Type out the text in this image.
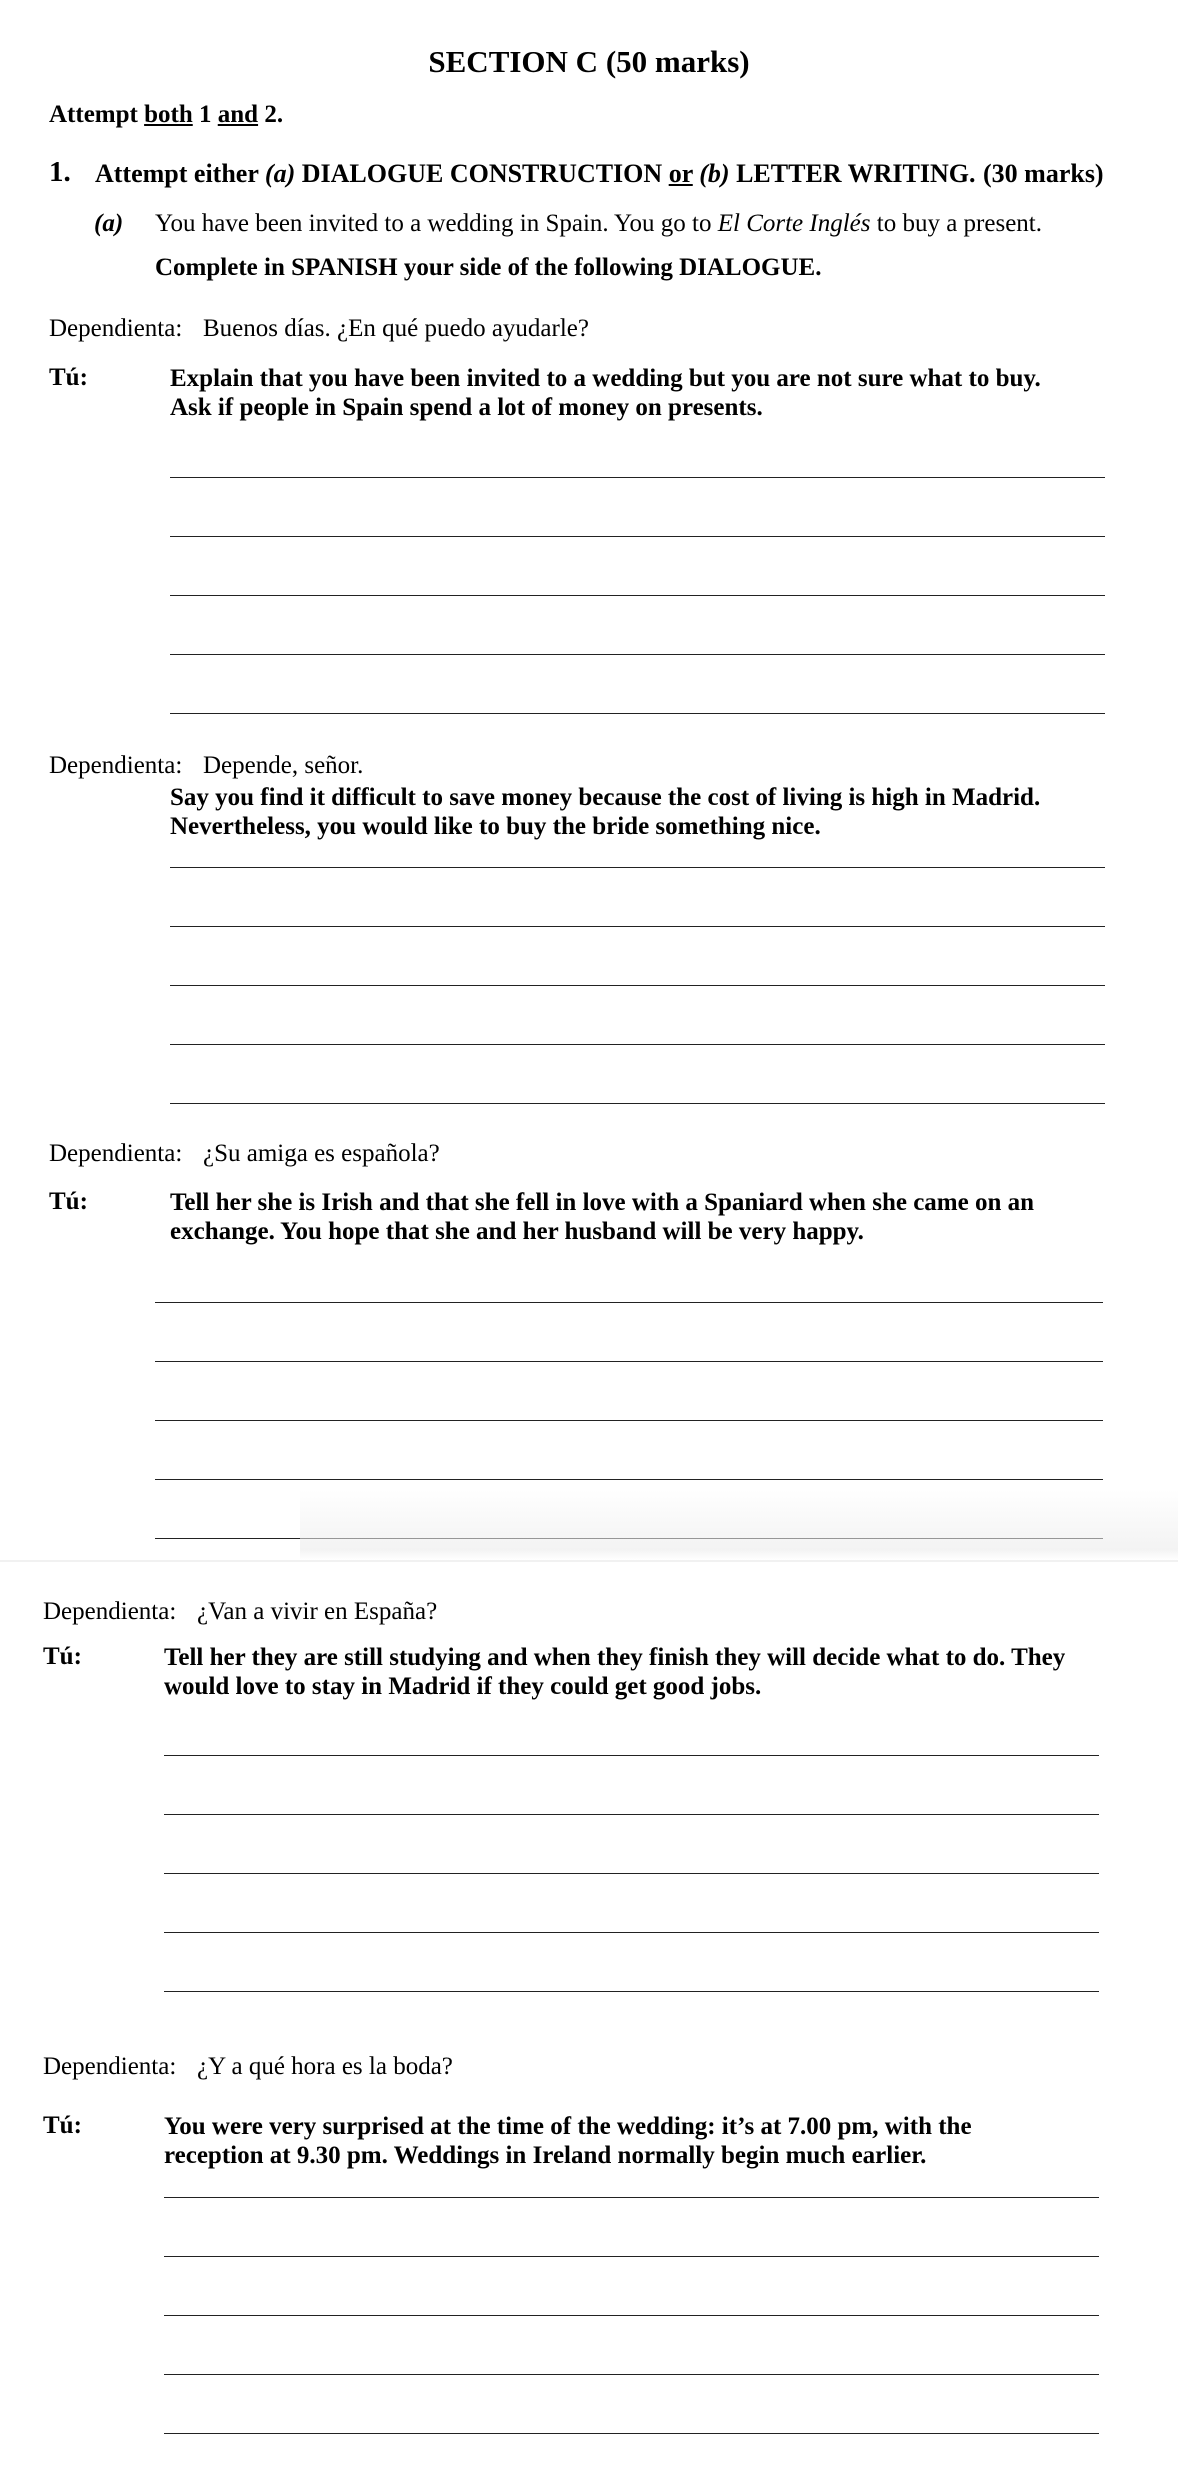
SECTION C (50 marks)
Attempt both 1 and 2.
1. Attempt either (a) DIALOGUE CONSTRUCTION or (b) LETTER WRITING. (30 marks)
(a) You have been invited to a wedding in Spain. You go to El Corte Inglés to buy a present.
Complete in SPANISH your side of the following DIALOGUE.
Dependienta: Buenos días. ¿En qué puedo ayudarle?
Tú:	Explain that you have been invited to a wedding but you are not sure what to buy.
Ask if people in Spain spend a lot of money on presents.
Dependienta: Depende, señor.
Say you find it difficult to save money because the cost of living is high in Madrid.
Nevertheless, you would like to buy the bride something nice.
Dependienta: ¿Su amiga es española?
Tú:	Tell her she is Irish and that she fell in love with a Spaniard when she came on an
exchange. You hope that she and her husband will be very happy.
Dependienta: ¿Van a vivir en España?
Tú:	Tell her they are still studying and when they finish they will decide what to do. They
would love to stay in Madrid if they could get good jobs.
Dependienta: ¿Y a qué hora es la boda?
Tú:	You were very surprised at the time of the wedding: it’s at 7.00 pm, with the
reception at 9.30 pm. Weddings in Ireland normally begin much earlier.
